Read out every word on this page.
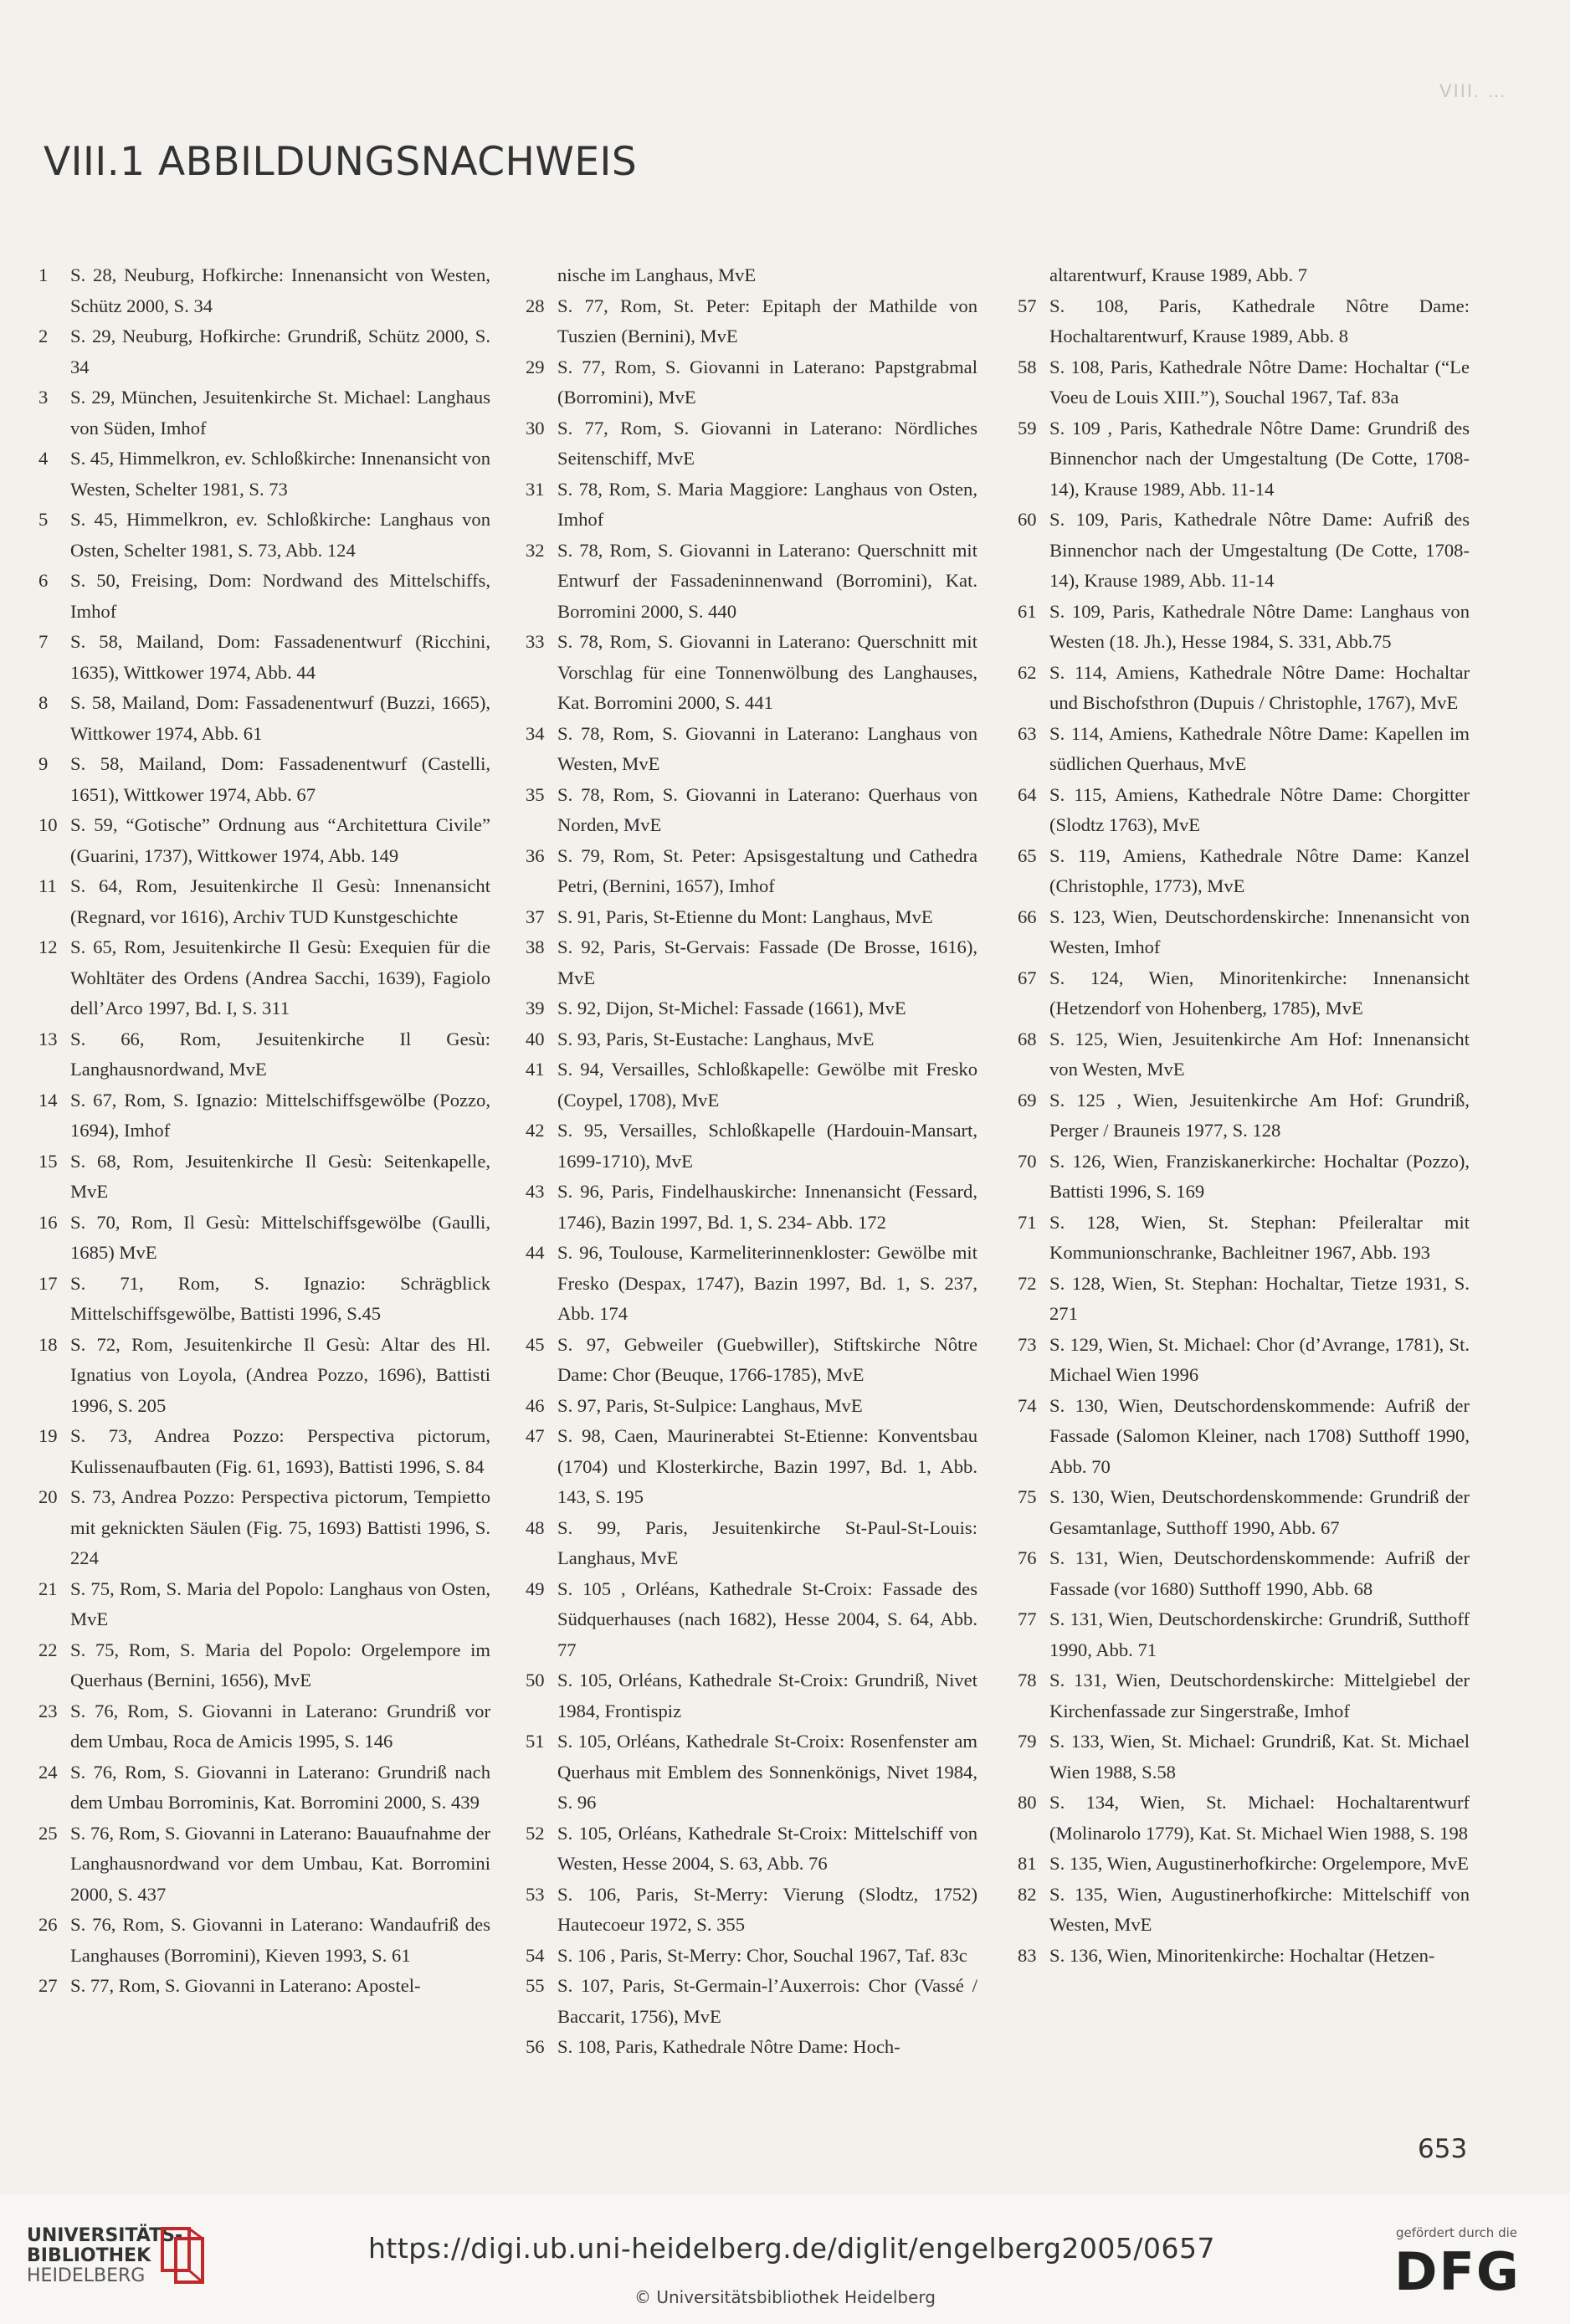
VIII. …
VIII.1 ABBILDUNGSNACHWEIS

1	S. 28, Neuburg, Hofkirche: Innenansicht von Westen, Schütz 2000, S. 34

2	S. 29, Neuburg, Hofkirche: Grundriß, Schütz 2000, S. 34

3	S. 29, München, Jesuitenkirche St. Michael: Langhaus von Süden, Imhof

4	S. 45, Himmelkron, ev. Schloßkirche: Innenansicht von Westen, Schelter 1981, S. 73

5	S. 45, Himmelkron, ev. Schloßkirche: Langhaus von Osten, Schelter 1981, S. 73, Abb. 124

6	S. 50, Freising, Dom: Nordwand des Mittelschiffs, Imhof

7	S. 58, Mailand, Dom: Fassadenentwurf (Ricchini, 1635), Wittkower 1974, Abb. 44

8	S. 58, Mailand, Dom: Fassadenentwurf (Buzzi, 1665), Wittkower 1974, Abb. 61

9	S. 58, Mailand, Dom: Fassadenentwurf (Castelli, 1651), Wittkower 1974, Abb. 67

10 S. 59, “Gotische” Ordnung aus “Architettura Civile” (Guarini, 1737), Wittkower 1974, Abb. 149

11 S. 64, Rom, Jesuitenkirche Il Gesù: Innenansicht (Regnard, vor 1616), Archiv TUD Kunstgeschichte

12 S. 65, Rom, Jesuitenkirche Il Gesù: Exequien für die Wohltäter des Ordens (Andrea Sacchi, 1639), Fagiolo dell’Arco 1997, Bd. I, S. 311

13 S. 66, Rom, Jesuitenkirche Il Gesù: Langhausnordwand, MvE

14 S. 67, Rom, S. Ignazio: Mittelschiffsgewölbe (Pozzo, 1694), Imhof

15 S. 68, Rom, Jesuitenkirche Il Gesù: Seitenkapelle, MvE

16 S. 70, Rom, Il Gesù: Mittelschiffsgewölbe (Gaulli, 1685) MvE

17 S. 71, Rom, S. Ignazio: Schrägblick Mittelschiffsgewölbe, Battisti 1996, S.45

18 S. 72, Rom, Jesuitenkirche Il Gesù: Altar des Hl. Ignatius von Loyola, (Andrea Pozzo, 1696), Battisti 1996, S. 205

19 S. 73, Andrea Pozzo: Perspectiva pictorum, Kulissenaufbauten (Fig. 61, 1693), Battisti 1996, S. 84

20 S. 73, Andrea Pozzo: Perspectiva pictorum, Tempietto mit geknickten Säulen (Fig. 75, 1693) Battisti 1996, S. 224

21 S. 75, Rom, S. Maria del Popolo: Langhaus von Osten, MvE

22 S. 75, Rom, S. Maria del Popolo: Orgelempore im Querhaus (Bernini, 1656), MvE

23 S. 76, Rom, S. Giovanni in Laterano: Grundriß vor dem Umbau, Roca de Amicis 1995, S. 146

24 S. 76, Rom, S. Giovanni in Laterano: Grundriß nach dem Umbau Borrominis, Kat. Borromini 2000, S. 439

25 S. 76, Rom, S. Giovanni in Laterano: Bauaufnahme der Langhausnordwand vor dem Umbau, Kat. Borromini 2000, S. 437

26 S. 76, Rom, S. Giovanni in Laterano: Wandaufriß des Langhauses (Borromini), Kieven 1993, S. 61

27 S. 77, Rom, S. Giovanni in Laterano: Apostel-

nische im Langhaus, MvE

28 S. 77, Rom, St. Peter: Epitaph der Mathilde von Tuszien (Bernini), MvE

29 S. 77, Rom, S. Giovanni in Laterano: Papstgrabmal (Borromini), MvE

30 S. 77, Rom, S. Giovanni in Laterano: Nördliches Seitenschiff, MvE

31 S. 78, Rom, S. Maria Maggiore: Langhaus von Osten, Imhof

32 S. 78, Rom, S. Giovanni in Laterano: Querschnitt mit Entwurf der Fassadeninnenwand (Borromini), Kat. Borromini 2000, S. 440

33 S. 78, Rom, S. Giovanni in Laterano: Querschnitt mit Vorschlag für eine Tonnenwölbung des Langhauses, Kat. Borromini 2000, S. 441

34 S. 78, Rom, S. Giovanni in Laterano: Langhaus von Westen, MvE

35 S. 78, Rom, S. Giovanni in Laterano: Querhaus von Norden, MvE

36 S. 79, Rom, St. Peter: Apsisgestaltung und Cathedra Petri, (Bernini, 1657), Imhof

37 S. 91, Paris, St-Etienne du Mont: Langhaus, MvE

38 S. 92, Paris, St-Gervais: Fassade (De Brosse, 1616), MvE

39 S. 92, Dijon, St-Michel: Fassade (1661), MvE

40 S. 93, Paris, St-Eustache: Langhaus, MvE

41 S. 94, Versailles, Schloßkapelle: Gewölbe mit Fresko (Coypel, 1708), MvE

42 S. 95, Versailles, Schloßkapelle (Hardouin-Mansart, 1699-1710), MvE

43 S. 96, Paris, Findelhauskirche: Innenansicht (Fessard, 1746), Bazin 1997, Bd. 1, S. 234- Abb. 172

44 S. 96, Toulouse, Karmeliterinnenkloster: Gewölbe mit Fresko (Despax, 1747), Bazin 1997, Bd. 1, S. 237, Abb. 174

45 S. 97, Gebweiler (Guebwiller), Stiftskirche Nôtre Dame: Chor (Beuque, 1766-1785), MvE

46 S. 97, Paris, St-Sulpice: Langhaus, MvE

47 S. 98, Caen, Maurinerabtei St-Etienne: Konventsbau (1704) und Klosterkirche, Bazin 1997, Bd. 1, Abb. 143, S. 195

48 S. 99, Paris, Jesuitenkirche St-Paul-St-Louis: Langhaus, MvE

49 S. 105 , Orléans, Kathedrale St-Croix: Fassade des Südquerhauses (nach 1682), Hesse 2004, S. 64, Abb. 77

50 S. 105, Orléans, Kathedrale St-Croix: Grundriß, Nivet 1984, Frontispiz

51 S. 105, Orléans, Kathedrale St-Croix: Rosenfenster am Querhaus mit Emblem des Sonnenkönigs, Nivet 1984, S. 96

52 S. 105, Orléans, Kathedrale St-Croix: Mittelschiff von Westen, Hesse 2004, S. 63, Abb. 76

53 S. 106, Paris, St-Merry: Vierung (Slodtz, 1752) Hautecoeur 1972, S. 355

54 S. 106 , Paris, St-Merry: Chor, Souchal 1967, Taf. 83c

55 S. 107, Paris, St-Germain-l’Auxerrois: Chor (Vassé / Baccarit, 1756), MvE

56 S. 108, Paris, Kathedrale Nôtre Dame: Hoch-

altarentwurf, Krause 1989, Abb. 7

57 S. 108, Paris, Kathedrale Nôtre Dame: Hochaltarentwurf, Krause 1989, Abb. 8

58 S. 108, Paris, Kathedrale Nôtre Dame: Hochaltar (“Le Voeu de Louis XIII.”), Souchal 1967, Taf. 83a

59 S. 109 , Paris, Kathedrale Nôtre Dame: Grundriß des Binnenchor nach der Umgestaltung (De Cotte, 1708-14), Krause 1989, Abb. 11-14

60 S. 109, Paris, Kathedrale Nôtre Dame: Aufriß des Binnenchor nach der Umgestaltung (De Cotte, 1708-14), Krause 1989, Abb. 11-14

61 S. 109, Paris, Kathedrale Nôtre Dame: Langhaus von Westen (18. Jh.), Hesse 1984, S. 331, Abb.75

62 S. 114, Amiens, Kathedrale Nôtre Dame: Hochaltar und Bischofsthron (Dupuis / Christophle, 1767), MvE

63 S. 114, Amiens, Kathedrale Nôtre Dame: Kapellen im südlichen Querhaus, MvE

64 S. 115, Amiens, Kathedrale Nôtre Dame: Chorgitter (Slodtz 1763), MvE

65 S. 119, Amiens, Kathedrale Nôtre Dame: Kanzel (Christophle, 1773), MvE

66 S. 123, Wien, Deutschordenskirche: Innenansicht von Westen, Imhof

67 S. 124, Wien, Minoritenkirche: Innenansicht (Hetzendorf von Hohenberg, 1785), MvE

68 S. 125, Wien, Jesuitenkirche Am Hof: Innenansicht von Westen, MvE

69 S. 125 , Wien, Jesuitenkirche Am Hof: Grundriß, Perger / Brauneis 1977, S. 128

70 S. 126, Wien, Franziskanerkirche: Hochaltar (Pozzo), Battisti 1996, S. 169

71 S. 128, Wien, St. Stephan: Pfeileraltar mit Kommunionschranke, Bachleitner 1967, Abb. 193

72 S. 128, Wien, St. Stephan: Hochaltar, Tietze 1931, S. 271

73 S. 129, Wien, St. Michael: Chor (d’Avrange, 1781), St. Michael Wien 1996

74 S. 130, Wien, Deutschordenskommende: Aufriß der Fassade (Salomon Kleiner, nach 1708) Sutthoff 1990, Abb. 70

75 S. 130, Wien, Deutschordenskommende: Grundriß der Gesamtanlage, Sutthoff 1990, Abb. 67

76 S. 131, Wien, Deutschordenskommende: Aufriß der Fassade (vor 1680) Sutthoff 1990, Abb. 68

77 S. 131, Wien, Deutschordenskirche: Grundriß, Sutthoff 1990, Abb. 71

78 S. 131, Wien, Deutschordenskirche: Mittelgiebel der Kirchenfassade zur Singerstraße, Imhof

79 S. 133, Wien, St. Michael: Grundriß, Kat. St. Michael Wien 1988, S.58

80 S. 134, Wien, St. Michael: Hochaltarentwurf (Molinarolo 1779), Kat. St. Michael Wien 1988, S. 198

81 S. 135, Wien, Augustinerhofkirche: Orgelempore, MvE

82 S. 135, Wien, Augustinerhofkirche: Mittelschiff von Westen, MvE

83 S. 136, Wien, Minoritenkirche: Hochaltar (Hetzen-

653
UNIVERSITÄTS-
BIBLIOTHEK
HEIDELBERG
https://digi.ub.uni-heidelberg.de/diglit/engelberg2005/0657
© Universitätsbibliothek Heidelberg
gefördert durch die
DFG
